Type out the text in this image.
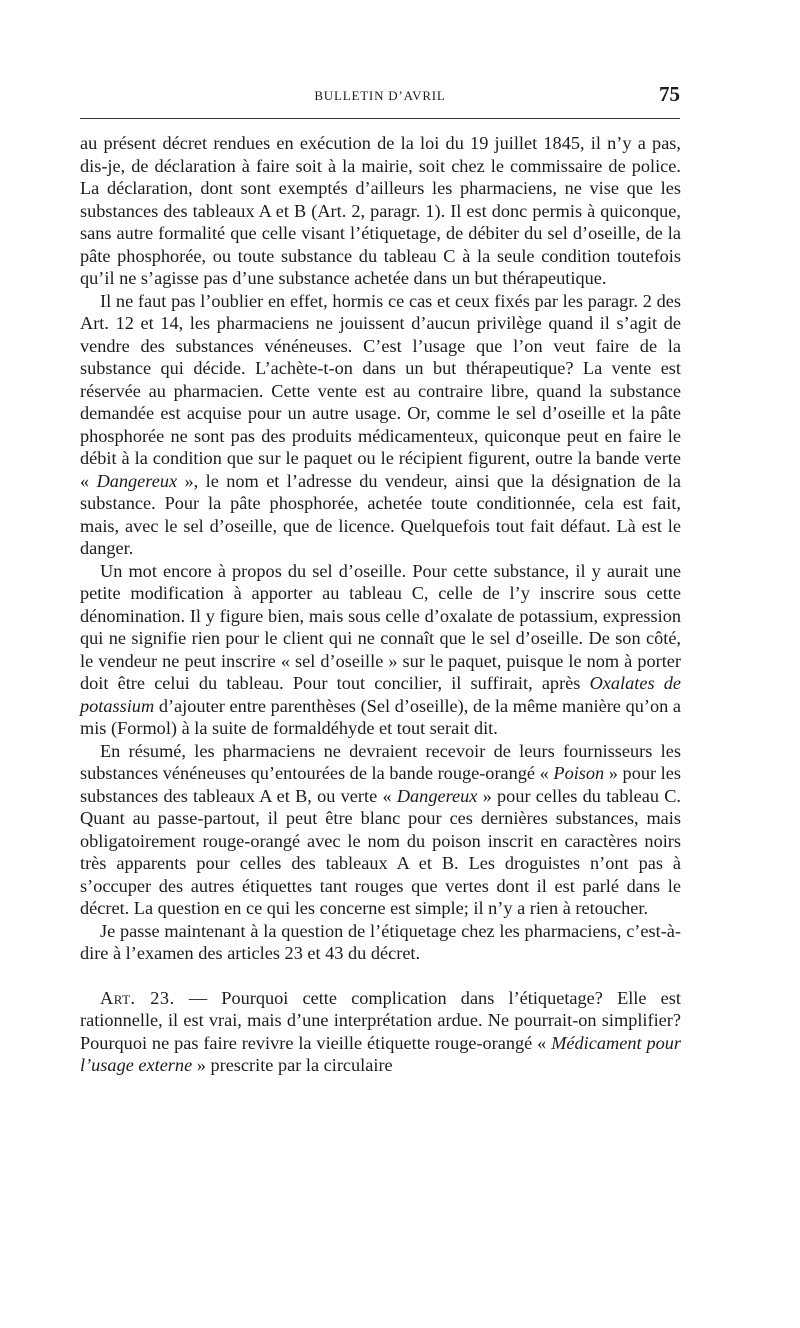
BULLETIN D’AVRIL	75

au présent décret rendues en exécution de la loi du 19 juillet 1845, il n’y a pas, dis-je, de déclaration à faire soit à la mairie, soit chez le commissaire de police. La déclaration, dont sont exemptés d’ailleurs les pharmaciens, ne vise que les substances des tableaux A et B (Art. 2, paragr. 1). Il est donc permis à quiconque, sans autre formalité que celle visant l’étiquetage, de débiter du sel d’oseille, de la pâte phosphorée, ou toute substance du tableau C à la seule condition toutefois qu’il ne s’agisse pas d’une substance achetée dans un but thérapeutique.

Il ne faut pas l’oublier en effet, hormis ce cas et ceux fixés par les paragr. 2 des Art. 12 et 14, les pharmaciens ne jouissent d’aucun privilège quand il s’agit de vendre des substances vénéneuses. C’est l’usage que l’on veut faire de la substance qui décide. L’achète-t-on dans un but thérapeutique? La vente est réservée au pharmacien. Cette vente est au contraire libre, quand la substance demandée est acquise pour un autre usage. Or, comme le sel d’oseille et la pâte phosphorée ne sont pas des produits médicamenteux, quiconque peut en faire le débit à la condition que sur le paquet ou le récipient figurent, outre la bande verte « Dangereux », le nom et l’adresse du vendeur, ainsi que la désignation de la substance. Pour la pâte phosphorée, achetée toute conditionnée, cela est fait, mais, avec le sel d’oseille, que de licence. Quelquefois tout fait défaut. Là est le danger.

Un mot encore à propos du sel d’oseille. Pour cette substance, il y aurait une petite modification à apporter au tableau C, celle de l’y inscrire sous cette dénomination. Il y figure bien, mais sous celle d’oxalate de potassium, expression qui ne signifie rien pour le client qui ne connaît que le sel d’oseille. De son côté, le vendeur ne peut inscrire « sel d’oseille » sur le paquet, puisque le nom à porter doit être celui du tableau. Pour tout concilier, il suffirait, après Oxalates de potassium d’ajouter entre parenthèses (Sel d’oseille), de la même manière qu’on a mis (Formol) à la suite de formaldéhyde et tout serait dit.

En résumé, les pharmaciens ne devraient recevoir de leurs fournisseurs les substances vénéneuses qu’entourées de la bande rouge-orangé « Poison » pour les substances des tableaux A et B, ou verte « Dangereux » pour celles du tableau C. Quant au passe-partout, il peut être blanc pour ces dernières substances, mais obligatoirement rouge-orangé avec le nom du poison inscrit en caractères noirs très apparents pour celles des tableaux A et B. Les droguistes n’ont pas à s’occuper des autres étiquettes tant rouges que vertes dont il est parlé dans le décret. La question en ce qui les concerne est simple; il n’y a rien à retoucher.

Je passe maintenant à la question de l’étiquetage chez les pharmaciens, c’est-à-dire à l’examen des articles 23 et 43 du décret.

Art. 23. — Pourquoi cette complication dans l’étiquetage? Elle est rationnelle, il est vrai, mais d’une interprétation ardue. Ne pourrait-on simplifier? Pourquoi ne pas faire revivre la vieille étiquette rouge-orangé « Médicament pour l’usage externe » prescrite par la circulaire
